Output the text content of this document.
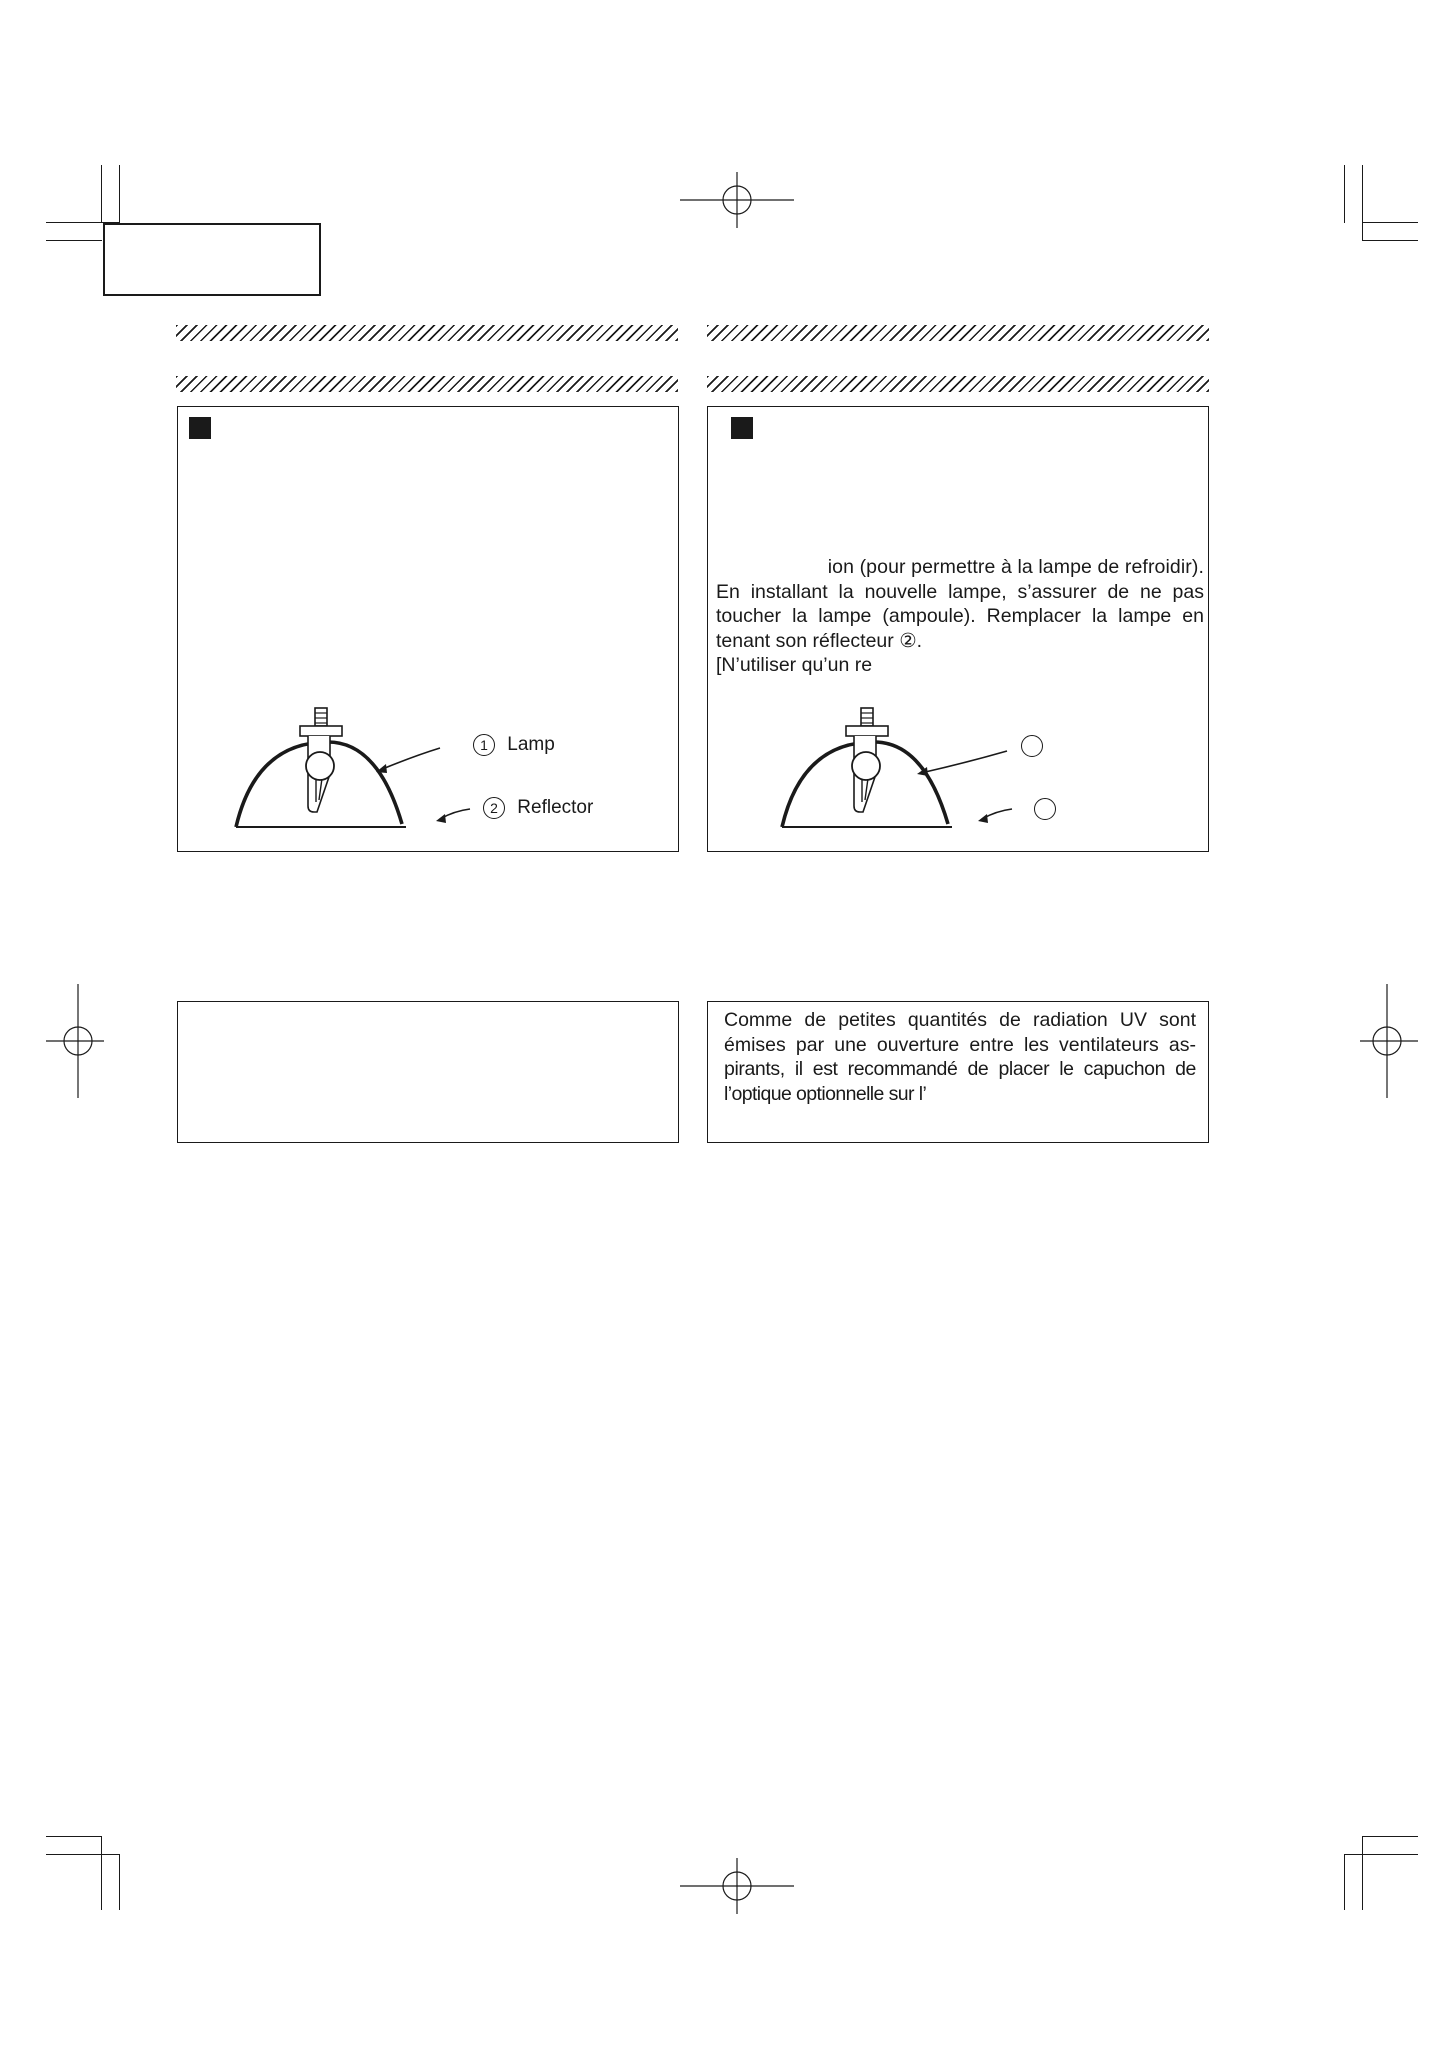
1 Lamp
2 Reflector
ion (pour permettre à la lampe de refroidir).
En installant la nouvelle lampe, s’assurer de ne pas
toucher la lampe (ampoule). Remplacer la lampe en
tenant son réflecteur ②.
[N’utiliser qu’un re
Comme de petites quantités de radiation UV sont
émises par une ouverture entre les ventilateurs as-
pirants, il est recommandé de placer le capuchon de
l’optique optionnelle sur l’
